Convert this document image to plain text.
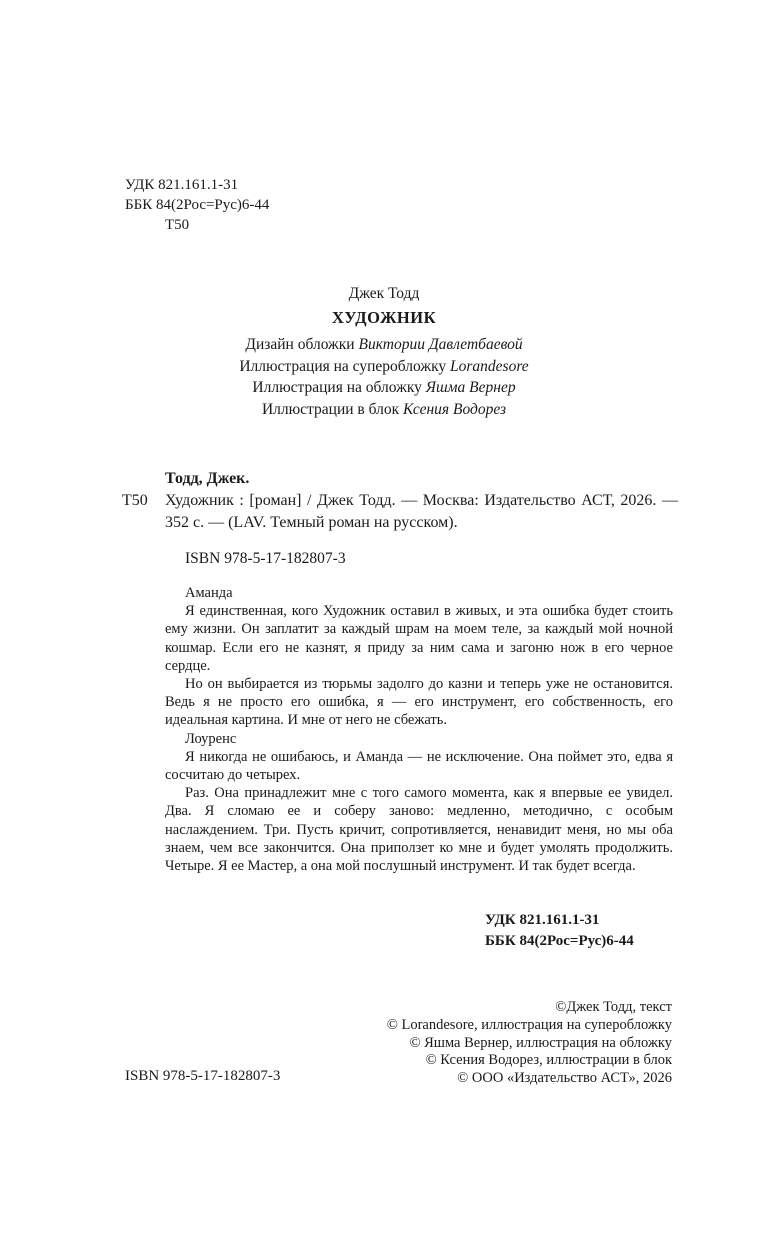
УДК 821.161.1-31
ББК 84(2Рос=Рус)6-44
Т50
Джек Тодд
ХУДОЖНИК
Дизайн обложки Виктории Давлетбаевой
Иллюстрация на суперобложку Lorandesore
Иллюстрация на обложку Яшма Вернер
Иллюстрации в блок Ксения Водорез
Тодд, Джек.
Т50 Художник : [роман] / Джек Тодд. — Москва: Издательство АСТ, 2026. — 352 с. — (LAV. Темный роман на русском).
ISBN 978-5-17-182807-3

Аманда

Я единственная, кого Художник оставил в живых, и эта ошибка будет стоить ему жизни. Он заплатит за каждый шрам на моем теле, за каждый мой ночной кошмар. Если его не казнят, я приду за ним сама и загоню нож в его черное сердце.

Но он выбирается из тюрьмы задолго до казни и теперь уже не остановится. Ведь я не просто его ошибка, я — его инструмент, его собственность, его идеальная картина. И мне от него не сбежать.

Лоуренс

Я никогда не ошибаюсь, и Аманда — не исключение. Она поймет это, едва я сосчитаю до четырех.

Раз. Она принадлежит мне с того самого момента, как я впервые ее увидел. Два. Я сломаю ее и соберу заново: медленно, методично, с особым наслаждением. Три. Пусть кричит, сопротивляется, ненавидит меня, но мы оба знаем, чем все закончится. Она приползет ко мне и будет умолять продолжить. Четыре. Я ее Мастер, а она мой послушный инструмент. И так будет всегда.

УДК 821.161.1-31
ББК 84(2Рос=Рус)6-44
ISBN 978-5-17-182807-3
©Джек Тодд, текст
© Lorandesore, иллюстрация на суперобложку
© Яшма Вернер, иллюстрация на обложку
© Ксения Водорез, иллюстрации в блок
© ООО «Издательство АСТ», 2026
